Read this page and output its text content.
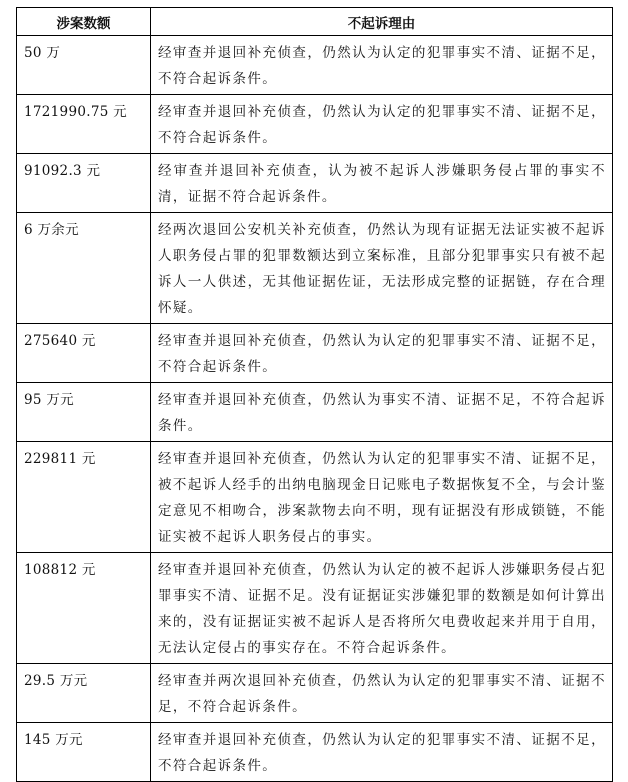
涉案数额	不起诉理由
50 万	经审查并退回补充侦查，仍然认为认定的犯罪事实不清、证据不足，不符合起诉条件。
1721990.75 元	经审查并退回补充侦查，仍然认为认定的犯罪事实不清、证据不足，不符合起诉条件。
91092.3 元	经审查并退回补充侦查，认为被不起诉人涉嫌职务侵占罪的事实不清，证据不符合起诉条件。
6 万余元	经两次退回公安机关补充侦查，仍然认为现有证据无法证实被不起诉人职务侵占罪的犯罪数额达到立案标准，且部分犯罪事实只有被不起诉人一人供述，无其他证据佐证，无法形成完整的证据链，存在合理怀疑。
275640 元	经审查并退回补充侦查，仍然认为认定的犯罪事实不清、证据不足，不符合起诉条件。
95 万元	经审查并退回补充侦查，仍然认为事实不清、证据不足，不符合起诉条件。
229811 元	经审查并退回补充侦查，仍然认为认定的犯罪事实不清、证据不足，被不起诉人经手的出纳电脑现金日记账电子数据恢复不全，与会计鉴定意见不相吻合，涉案款物去向不明，现有证据没有形成锁链，不能证实被不起诉人职务侵占的事实。
108812 元	经审查并退回补充侦查，仍然认为认定的被不起诉人涉嫌职务侵占犯罪事实不清、证据不足。没有证据证实涉嫌犯罪的数额是如何计算出来的，没有证据证实被不起诉人是否将所欠电费收起来并用于自用，无法认定侵占的事实存在。不符合起诉条件。
29.5 万元	经审查并两次退回补充侦查，仍然认为认定的犯罪事实不清、证据不足，不符合起诉条件。
145 万元	经审查并退回补充侦查，仍然认为认定的犯罪事实不清、证据不足，不符合起诉条件。
